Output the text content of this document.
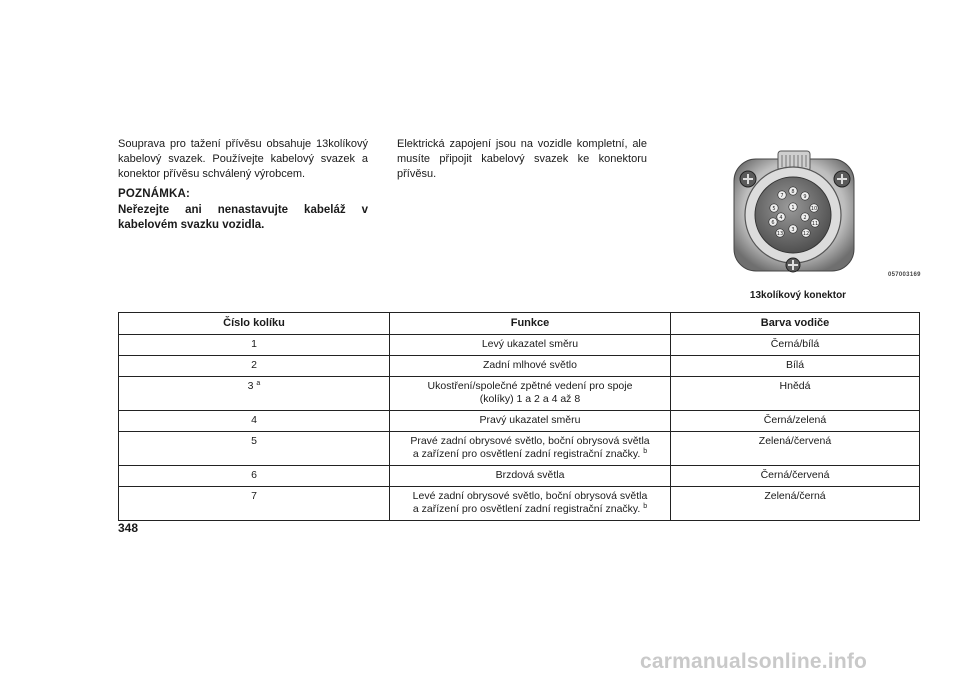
Souprava pro tažení přívěsu obsahuje 13kolíkový kabelový svazek. Používejte kabelový svazek a konektor přívěsu schválený výrobcem.

POZNÁMKA:
Neřezejte ani nenastavujte kabeláž v kabelovém svazku vozidla.

Elektrická zapojení jsou na vozidle kompletní, ale musíte připojit kabelový svazek ke konektoru přívěsu.

1
2
3
4
5
6
7
8
9
10
11
12
13
057003169
13kolíkový konektor
Číslo kolíku	Funkce	Barva vodiče
1	Levý ukazatel směru	Černá/bílá
2	Zadní mlhové světlo	Bílá
3 $^a$	Ukostření/společné zpětné vedení pro spoje
(kolíky) 1 a 2 a 4 až 8	Hnědá
4	Pravý ukazatel směru	Černá/zelená
5	Pravé zadní obrysové světlo, boční obrysová světla
a zařízení pro osvětlení zadní registrační značky. $^b$	Zelená/červená
6	Brzdová světla	Černá/červená
7	Levé zadní obrysové světlo, boční obrysová světla
a zařízení pro osvětlení zadní registrační značky. $^b$	Zelená/černá
348
carmanualsonline.info
